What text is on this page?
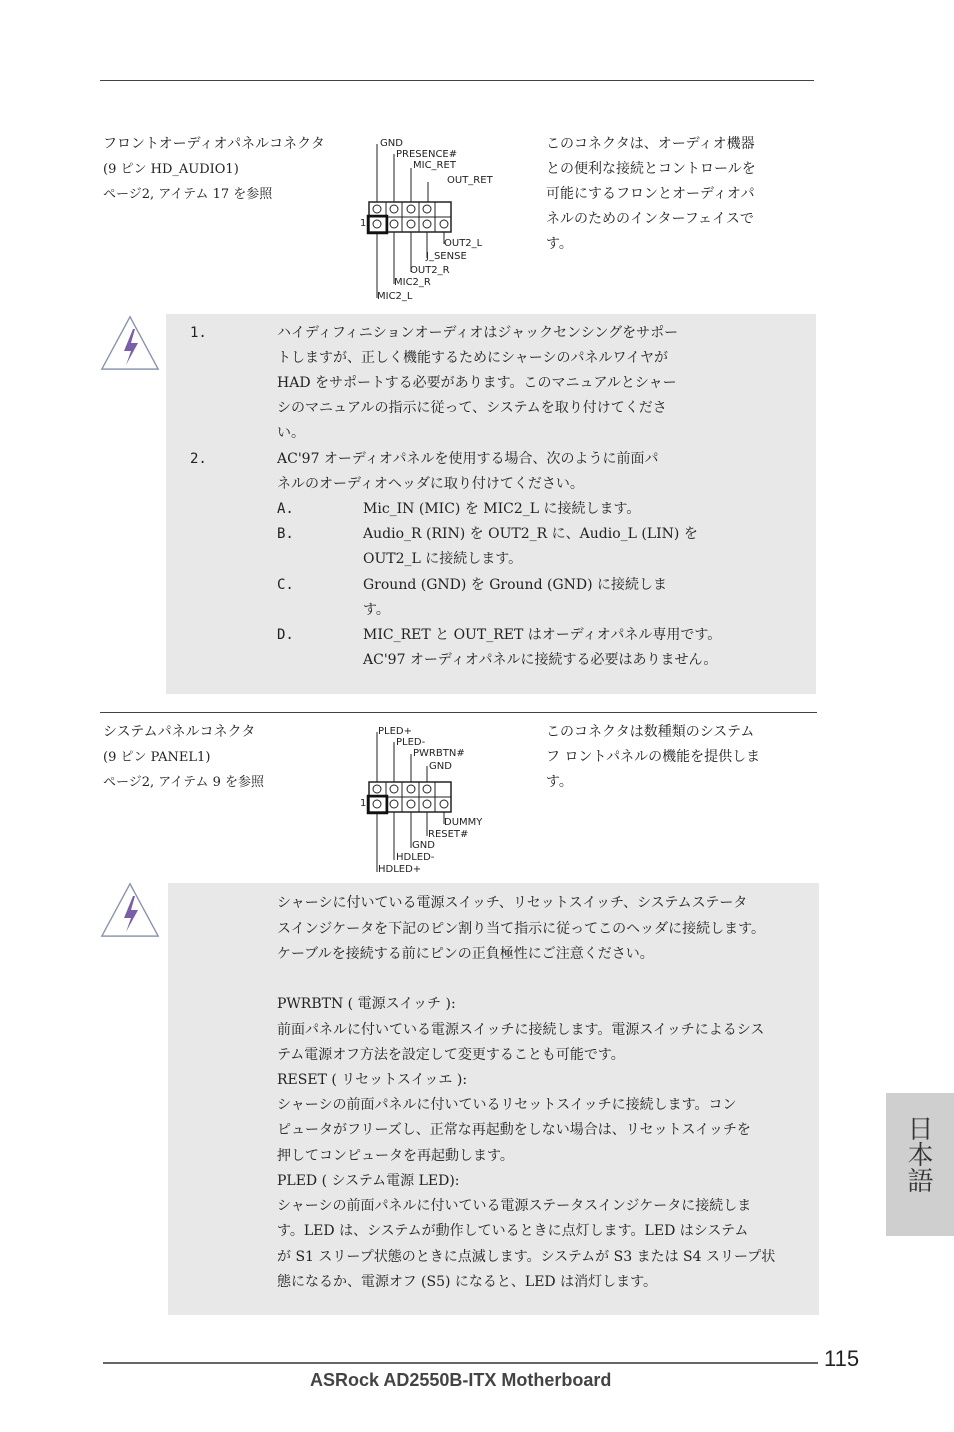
フロントオーディオパネルコネクタ
(9 ピン HD_AUDIO1)
ページ2, アイテム 17 を参照
このコネクタは、オーディオ機器
との便利な接続とコントロールを
可能にするフロンとオーディオパ
ネルのためのインターフェイスで
す。
1
GND
PRESENCE#
MIC_RET
OUT_RET
OUT2_L
J_SENSE
OUT2_R
MIC2_R
MIC2_L
1.	ハイディフィニションオーディオはジャックセンシングをサポー
トしますが、正しく機能するためにシャーシのパネルワイヤが
HAD をサポートする必要があります。このマニュアルとシャー
シのマニュアルの指示に従って、システムを取り付けてくださ
い。
2.	AC'97 オーディオパネルを使用する場合、次のように前面パ
ネルのオーディオヘッダに取り付けてください。
A.	Mic_IN (MIC) を MIC2_L に接続します。
B.	Audio_R (RIN) を OUT2_R に、Audio_L (LIN) を
OUT2_L に接続します。
C.	Ground (GND) を Ground (GND) に接続しま
す。
D.	MIC_RET と OUT_RET はオーディオパネル専用です。
AC'97 オーディオパネルに接続する必要はありません。
システムパネルコネクタ
(9 ピン PANEL1)
ページ2, アイテム 9 を参照
このコネクタは数種類のシステム
フ ロントパネルの機能を提供しま
す。
1
PLED+
PLED-
PWRBTN#
GND
DUMMY
RESET#
GND
HDLED-
HDLED+
シャーシに付いている電源スイッチ、リセットスイッチ、システムステータ
スインジケータを下記のピン割り当て指示に従ってこのヘッダに接続します。
ケーブルを接続する前にピンの正負極性にご注意ください。
PWRBTN ( 電源スイッチ ):
前面パネルに付いている電源スイッチに接続します。電源スイッチによるシス
テム電源オフ方法を設定して変更することも可能です。
RESET ( リセットスイッエ ):
シャーシの前面パネルに付いているリセットスイッチに接続します。コン
ピュータがフリーズし、正常な再起動をしない場合は、リセットスイッチを
押してコンピュータを再起動します。
PLED ( システム電源 LED):
シャーシの前面パネルに付いている電源ステータスインジケータに接続しま
す。LED は、システムが動作しているときに点灯します。LED はシステム
が S1 スリープ状態のときに点滅します。システムが S3 または S4 スリープ状
態になるか、電源オフ (S5) になると、LED は消灯します。
日本語
115
ASRock AD2550B-ITX Motherboard
